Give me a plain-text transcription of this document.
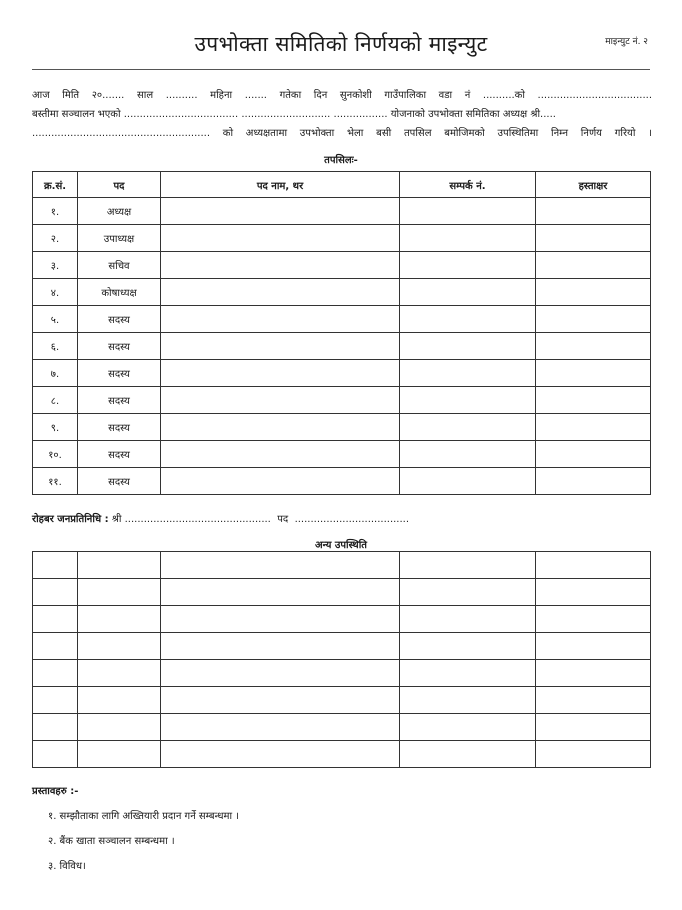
उपभोक्ता समितिको निर्णयको माइन्युट	माइन्युट नं. २
आज मिति २०....... साल .......... महिना ....... गतेका दिन सुनकोशी गाउँपालिका वडा नं ..........को ....................................
बस्तीमा सञ्चालन भएको .................................... ............................ ................. योजनाको उपभोक्ता समितिका अध्यक्ष श्री.....
........................................................ को अध्यक्षतामा उपभोक्ता भेला बसी तपसिल बमोजिमको उपस्थितिमा निम्न निर्णय गरियो ।
तपसिलः-
क्र.सं.	पद	पद नाम, थर	सम्पर्क नं.	हस्ताक्षर
१.	अध्यक्ष			
२.	उपाध्यक्ष			
३.	सचिव			
४.	कोषाध्यक्ष			
५.	सदस्य			
६.	सदस्य			
७.	सदस्य			
८.	सदस्य			
९.	सदस्य			
१०.	सदस्य			
११.	सदस्य			
रोहबर जनप्रतिनिधि : श्री .............................................. पद ....................................
अन्य उपस्थिति

प्रस्तावहरु :-
१. सम्झौताका लागि अख्तियारी प्रदान गर्ने सम्बन्धमा ।
२. बैंक खाता सञ्चालन सम्बन्धमा ।
३. विविध।
